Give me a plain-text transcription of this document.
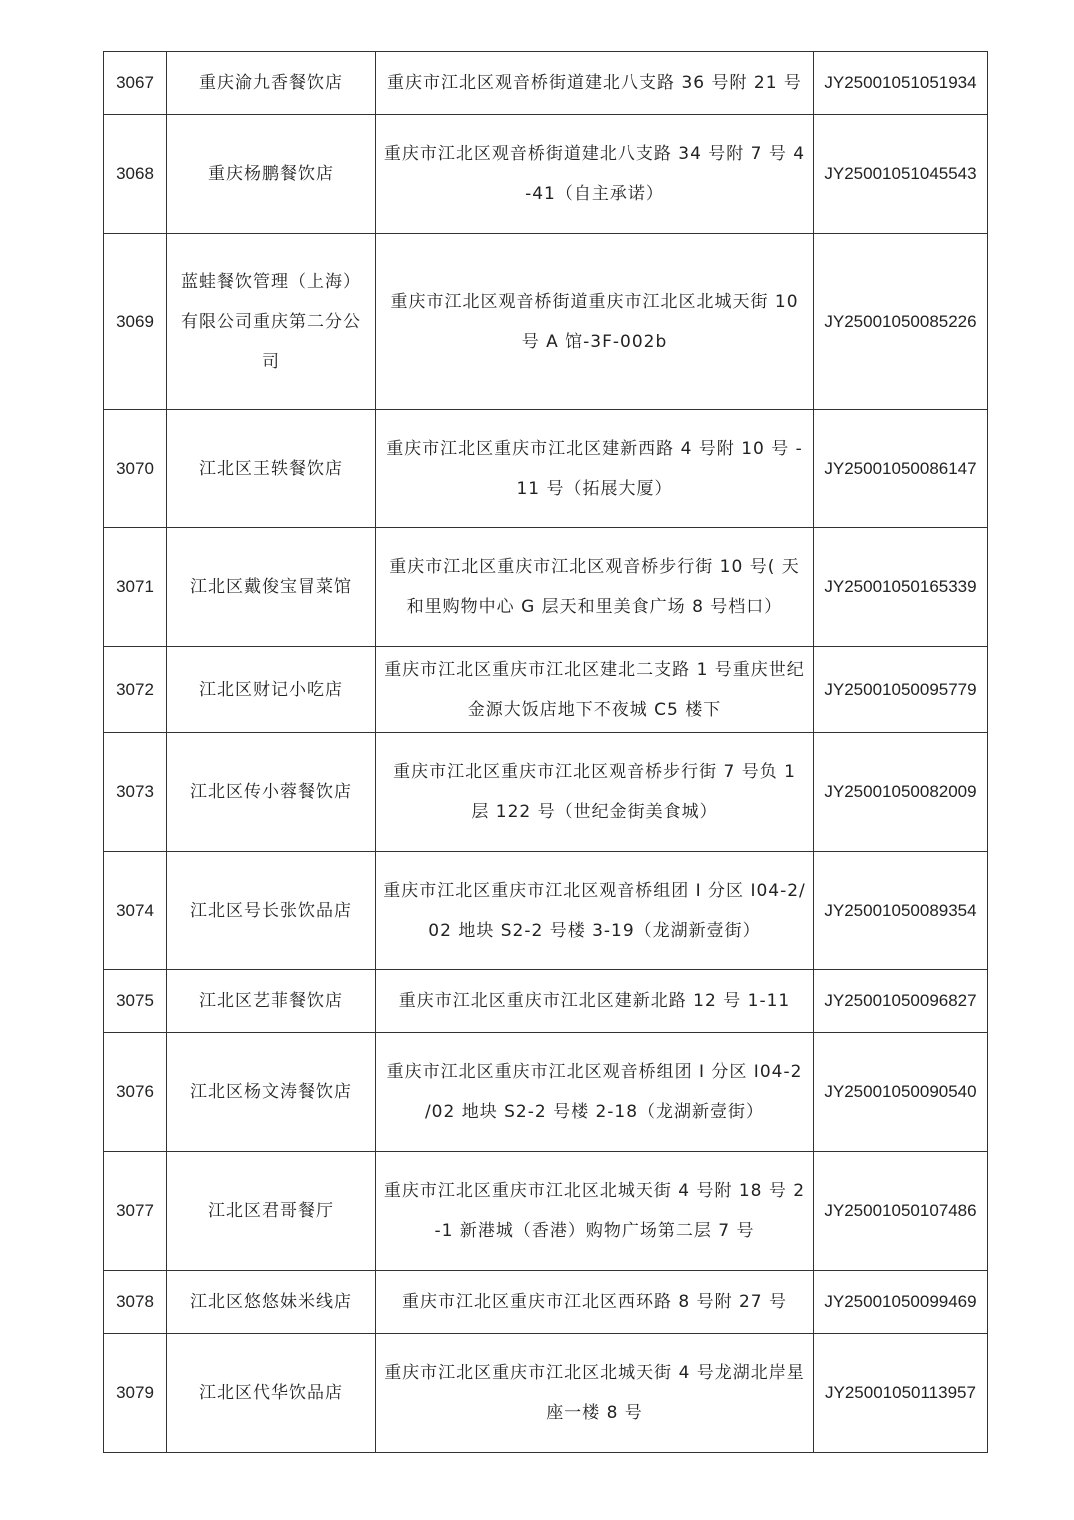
3067	重庆渝九香餐饮店	重庆市江北区观音桥街道建北八支路 36 号附 21 号	JY25001051051934
3068	重庆杨鹏餐饮店	重庆市江北区观音桥街道建北八支路 34 号附 7 号 4-41（自主承诺）	JY25001051045543
3069	蓝蛙餐饮管理（上海）有限公司重庆第二分公司	重庆市江北区观音桥街道重庆市江北区北城天街 10 号 A 馆-3F-002b	JY25001050085226
3070	江北区王轶餐饮店	重庆市江北区重庆市江北区建新西路 4 号附 10 号 -11 号（拓展大厦）	JY25001050086147
3071	江北区戴俊宝冒菜馆	重庆市江北区重庆市江北区观音桥步行街 10 号( 天和里购物中心 G 层天和里美食广场 8 号档口）	JY25001050165339
3072	江北区财记小吃店	重庆市江北区重庆市江北区建北二支路 1 号重庆世纪金源大饭店地下不夜城 C5 楼下	JY25001050095779
3073	江北区传小蓉餐饮店	重庆市江北区重庆市江北区观音桥步行街 7 号负 1 层 122 号（世纪金街美食城）	JY25001050082009
3074	江北区号长张饮品店	重庆市江北区重庆市江北区观音桥组团 I 分区 I04-2/02 地块 S2-2 号楼 3-19（龙湖新壹街）	JY25001050089354
3075	江北区艺菲餐饮店	重庆市江北区重庆市江北区建新北路 12 号 1-11	JY25001050096827
3076	江北区杨文涛餐饮店	重庆市江北区重庆市江北区观音桥组团 I 分区 I04-2 /02 地块 S2-2 号楼 2-18（龙湖新壹街）	JY25001050090540
3077	江北区君哥餐厅	重庆市江北区重庆市江北区北城天街 4 号附 18 号 2-1 新港城（香港）购物广场第二层 7 号	JY25001050107486
3078	江北区悠悠妹米线店	重庆市江北区重庆市江北区西环路 8 号附 27 号	JY25001050099469
3079	江北区代华饮品店	重庆市江北区重庆市江北区北城天街 4 号龙湖北岸星座一楼 8 号	JY25001050113957
